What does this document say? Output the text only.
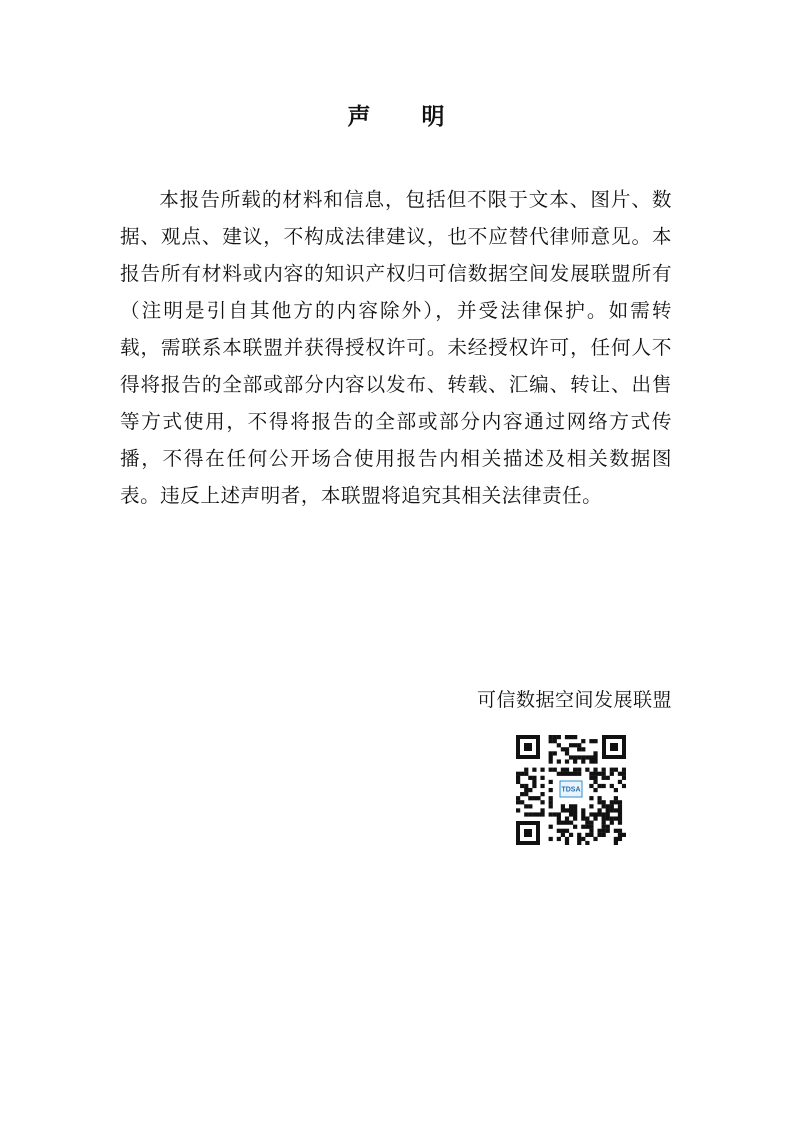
声 明
本报告所载的材料和信息，包括但不限于文本、图片、数据、观点、建议，不构成法律建议，也不应替代律师意见。本报告所有材料或内容的知识产权归可信数据空间发展联盟所有（注明是引自其他方的内容除外），并受法律保护。如需转载，需联系本联盟并获得授权许可。未经授权许可，任何人不得将报告的全部或部分内容以发布、转载、汇编、转让、出售等方式使用，不得将报告的全部或部分内容通过网络方式传播，不得在任何公开场合使用报告内相关描述及相关数据图表。违反上述声明者，本联盟将追究其相关法律责任。
可信数据空间发展联盟
TDSA
